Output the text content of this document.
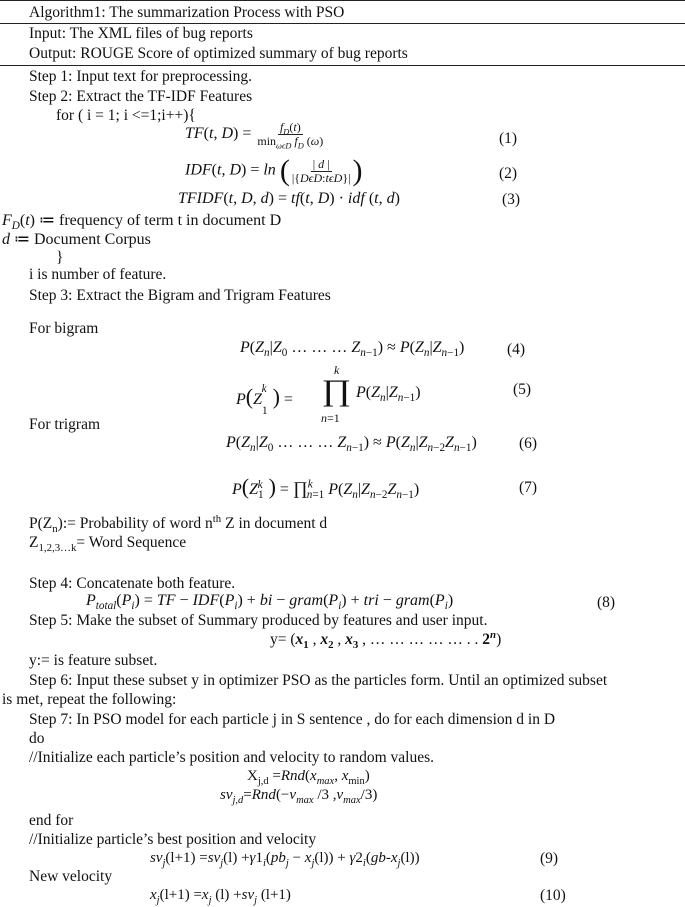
Algorithm1: The summarization Process with PSO
Input: The XML files of bug reports
Output: ROUGE Score of optimized summary of bug reports
Step 1: Input text for preprocessing.
Step 2: Extract the TF-IDF Features
for ( i = 1; i <=1;i++){
TF(t, $D) = \frac{f_D(t)}{\min_{\omega\epsilon D} f_D (\omega)}$	(1)
IDF(t, D) = ln ( $\frac{| d |}{\text{|\{DϵD:tϵD\}|}}$ )	(2)
TFIDF(t, D, d) = tf(t, D) · idf (t, d)	(3)
$F_D(t)$ ≔ frequency of term t in document D
d ≔ Document Corpus
}
i is number of feature.
Step 3: Extract the Bigram and Trigram Features
For bigram
$P(Z_n|Z_0$ … … … $Z_{n-1}) \approx P(Z_n|Z_{n-1})$	(4)
k
$P(Z_1^k$ ) = ∏
n=1
$P(Z_n|Z_{n-1})$	(5)
For trigram
$P(Z_n|Z_0$ … … … $Z_{n-1}) \approx P(Z_n|Z_{n-2}Z_{n-1})$	(6)
$P(Z_1^k$ ) = ∏$^k_{n=1}$ $P(Z_n|Z_{n-2}Z_{n-1})$	(7)
$P(Z_n):=$ Probability of word $n^{th}$ Z in document d
$Z_{1,2,3\dots k}=$ Word Sequence
Step 4: Concatenate both feature.
$P_{total}(P_i)$ = TF − $IDF(P_i)$ + bi − $gram(P_i)$ + tri − $gram(P_i)$	(8)
Step 5: Make the subset of Summary produced by features and user input.
$y= (x_1$ , $x_2$ , $x_3$ , … … … … … . . 2$^n$)
y:= is feature subset.
Step 6: Input these subset y in optimizer PSO as the particles form. Until an optimized subset
is met, repeat the following:
Step 7: In PSO model for each particle j in S sentence , do for each dimension d in D
do
//Initialize each particle’s position and velocity to random values.
$X_{j,d} =Rnd(x_{max}$, $x_{min}$)
$sv_{j,d}=Rnd(-v_{max}$ /3 $,v_{max}/3$)
end for
//Initialize particle’s best position and velocity
$sv_j(l+1) =sv_j(l) +\gamma 1_i(pb_j - x_j(l)) + \gamma 2_i(gb-x_j(l))$	(9)
New velocity
$x_j(l+1) =x_j$ $(l) +sv_j$ (l+1)	(10)
